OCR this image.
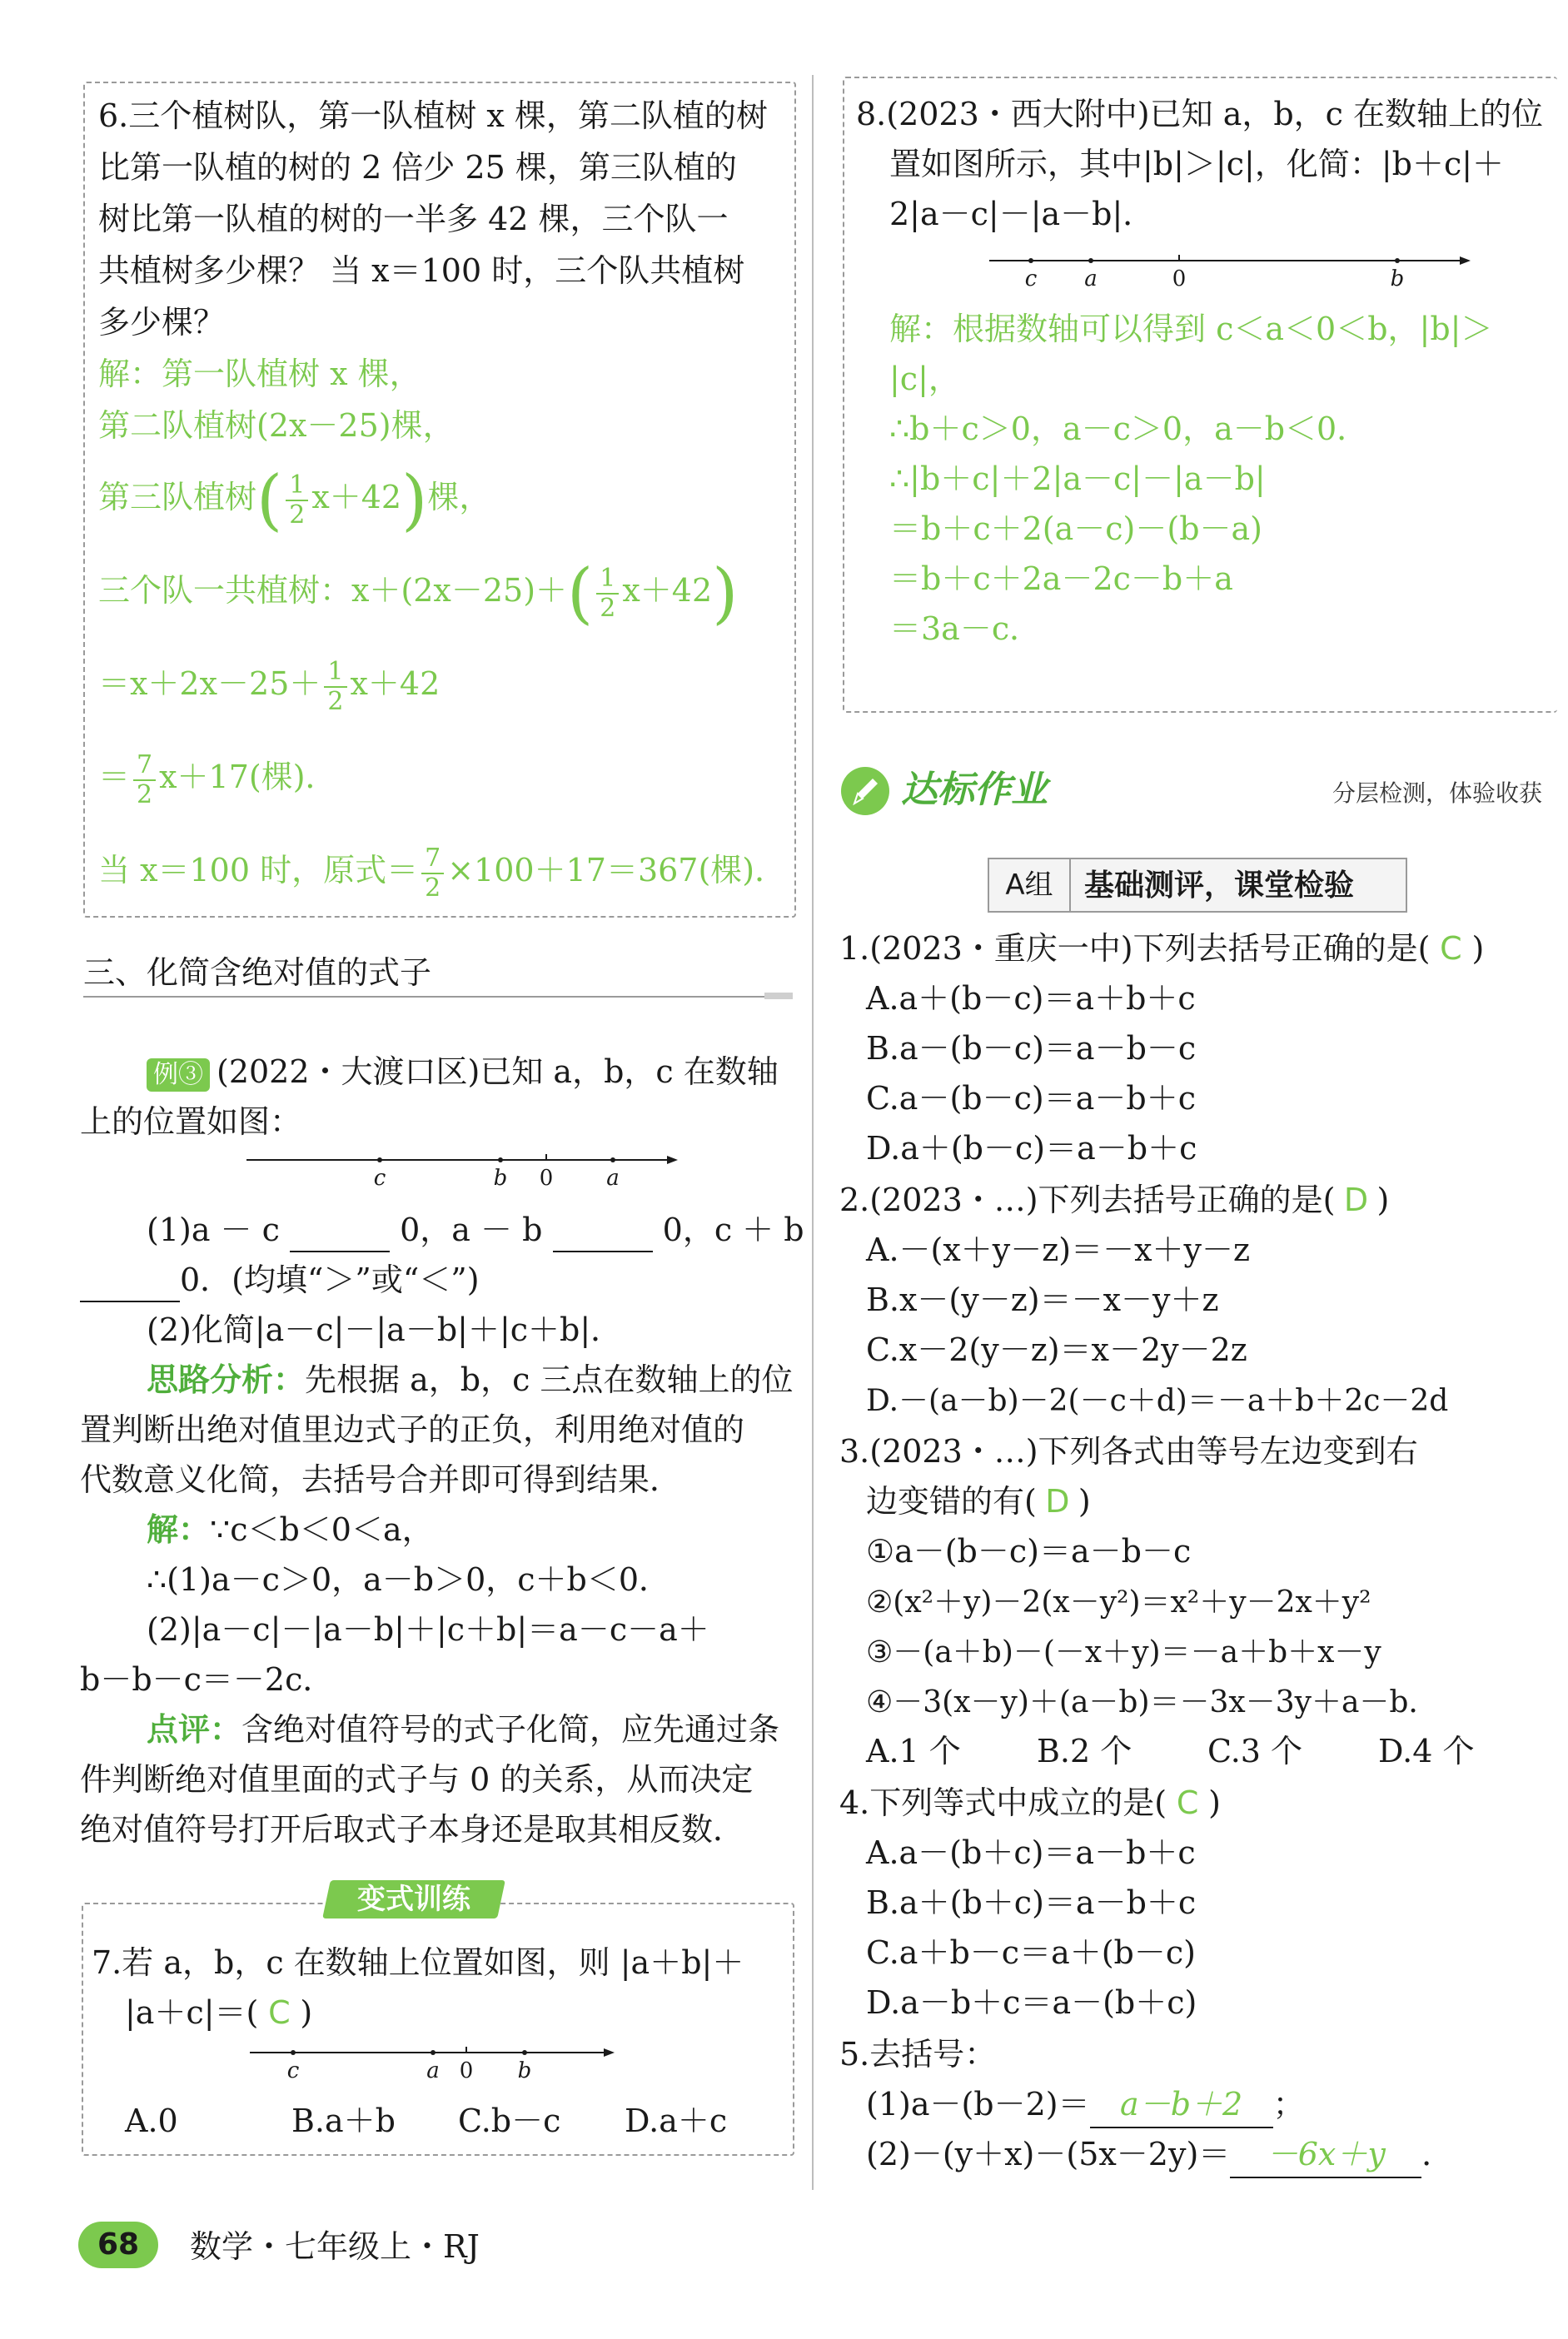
6.三个植树队，第一队植树 x 棵，第二队植的树
比第一队植的树的 2 倍少 25 棵，第三队植的
树比第一队植的树的一半多 42 棵，三个队一
共植树多少棵？ 当 x＝100 时，三个队共植树
多少棵？
解：第一队植树 x 棵，
第二队植树(2x－25)棵，
第三队植树( $\frac{1}{2} x+42$)棵，
三个队一共植树：$x+(2x-25)+( \frac{1}{2} x+42)$
$=x+2x-25+ \frac{1}{2} x+42$
＝ $\frac{7}{2} x+17$(棵)．
当 x＝100 时，原式＝ $\frac{7}{2} \times 100+17=367$(棵)．
三、化简含绝对值的式子
例③ (2022・大渡口区)已知 a，b，c 在数轴
上的位置如图：
c	b 0 a
(1)a － c	0，a － b	0，c ＋ b
0．(均填“＞”或“＜”)
(2)化简|a－c|－|a－b|＋|c＋b|．
思路分析：先根据 a，b，c 三点在数轴上的位
置判断出绝对值里边式子的正负，利用绝对值的
代数意义化简，去括号合并即可得到结果．
解：∵c＜b＜0＜a，
∴(1)a－c＞0，a－b＞0，c＋b＜0．
(2)|a－c|－|a－b|＋|c＋b|＝a－c－a＋
b－b－c＝－2c．
点评：含绝对值符号的式子化简，应先通过条
件判断绝对值里面的式子与 0 的关系，从而决定
绝对值符号打开后取式子本身还是取其相反数．
变式训练
7.若 a，b，c 在数轴上位置如图，则 |a＋b|＋
|a＋c|＝( C )
c	a 0 b
A.0	B.a＋b C.b－c D.a＋c
8.(2023・西大附中)已知 a，b，c 在数轴上的位
置如图所示，其中|b|＞|c|，化简：|b＋c|＋
2|a－c|－|a－b|．
c a	0	b
解：根据数轴可以得到 c＜a＜0＜b，|b|＞
|c|，
∴b＋c＞0，a－c＞0，a－b＜0．
∴|b＋c|＋2|a－c|－|a－b|
＝b＋c＋2(a－c)－(b－a)
＝b＋c＋2a－2c－b＋a
＝3a－c．
达标作业	分层检测，体验收获
A组	基础测评，课堂检验
1.(2023・重庆一中)下列去括号正确的是( C )
A.a＋(b－c)＝a＋b＋c
B.a－(b－c)＝a－b－c
C.a－(b－c)＝a－b＋c
D.a＋(b－c)＝a－b＋c
2.(2023・…)下列去括号正确的是( D )
A.－(x＋y－z)＝－x＋y－z
B.x－(y－z)＝－x－y＋z
C.x－2(y－z)＝x－2y－2z
D.－(a－b)－2(－c＋d)＝－a＋b＋2c－2d
3.(2023・…)下列各式由等号左边变到右
边变错的有( D )
①a－(b－c)＝a－b－c
②(x²＋y)－2(x－y²)＝x²＋y－2x＋y²
③－(a＋b)－(－x＋y)＝－a＋b＋x－y
④－3(x－y)＋(a－b)＝－3x－3y＋a－b．
A.1 个 B.2 个 C.3 个 D.4 个
4.下列等式中成立的是( C )
A.a－(b＋c)＝a－b＋c
B.a＋(b＋c)＝a－b＋c
C.a＋b－c＝a＋(b－c)
D.a－b＋c＝a－(b＋c)
5.去括号：
(1)a－(b－2)＝ a－b＋2 ；
(2)－(y＋x)－(5x－2y)＝ －6x＋y ．
68	数学・七年级上・RJ
